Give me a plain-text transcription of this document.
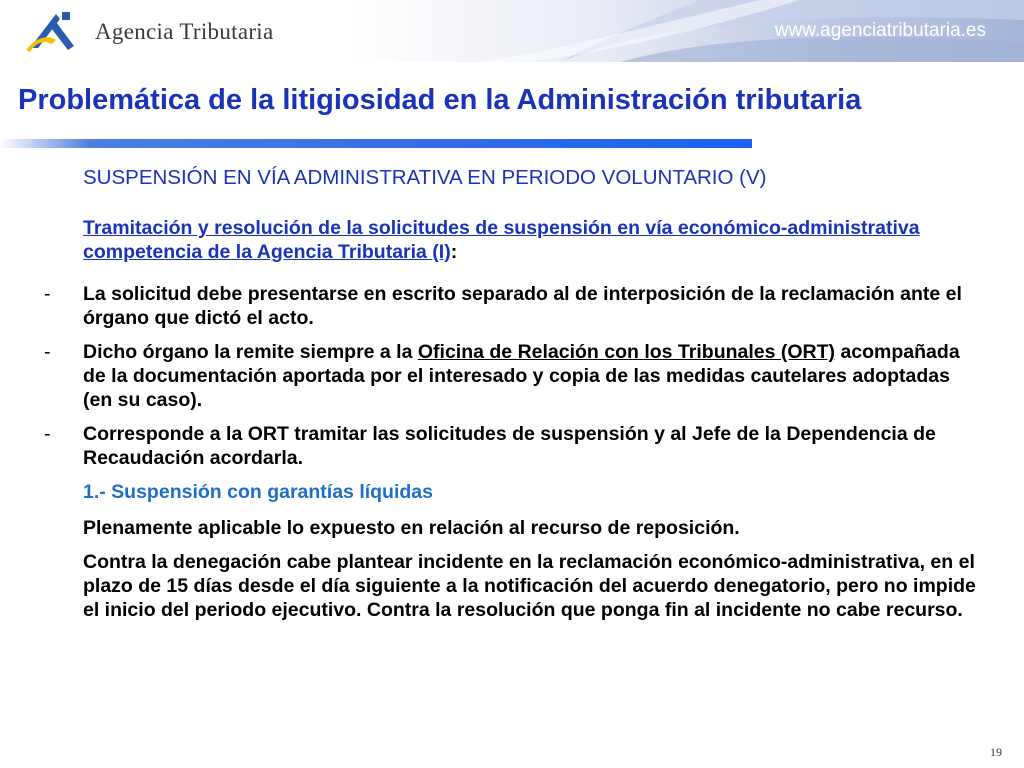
Agencia Tributaria	www.agenciatributaria.es
Problemática de la litigiosidad en la Administración tributaria
SUSPENSIÓN EN VÍA ADMINISTRATIVA EN PERIODO VOLUNTARIO (V)
Tramitación y resolución de la solicitudes de suspensión en vía económico-administrativa competencia de la Agencia Tributaria (I):
- La solicitud debe presentarse en escrito separado al de interposición de la reclamación ante el órgano que dictó el acto.
- Dicho órgano la remite siempre a la Oficina de Relación con los Tribunales (ORT) acompañada de la documentación aportada por el interesado y copia de las medidas cautelares adoptadas (en su caso).
- Corresponde a la ORT tramitar las solicitudes de suspensión y al Jefe de la Dependencia de Recaudación acordarla.
1.- Suspensión con garantías líquidas
Plenamente aplicable lo expuesto en relación al recurso de reposición.
Contra la denegación cabe plantear incidente en la reclamación económico-administrativa, en el plazo de 15 días desde el día siguiente a la notificación del acuerdo denegatorio, pero no impide el inicio del periodo ejecutivo. Contra la resolución que ponga fin al incidente no cabe recurso.
19
